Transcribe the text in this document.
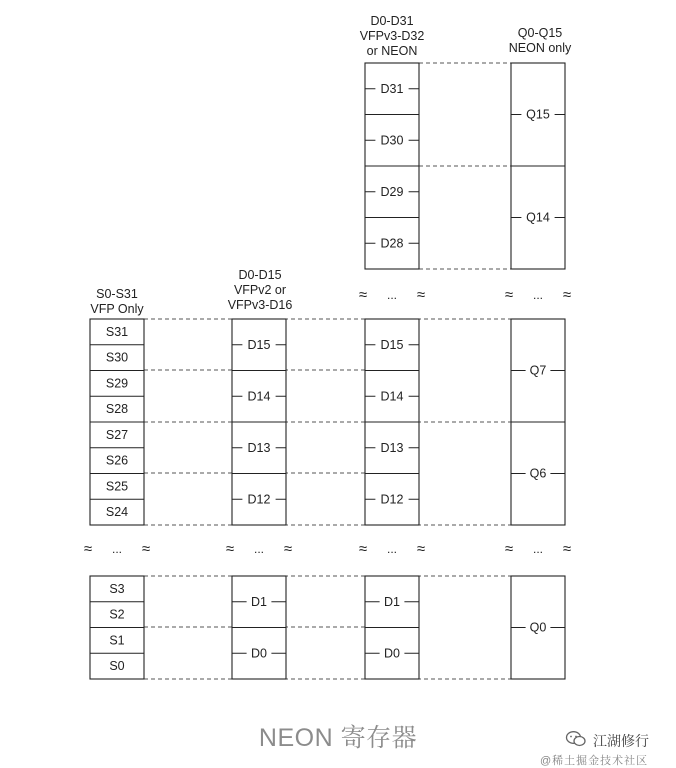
S31
S30
S29
S28
S27
S26
S25
S24
S3
S2
S1
S0
D15
D14
D13
D12
D1
D0
D31
D30
D29
D28
D15
D14
D13
D12
D1
D0
Q15
Q14
Q7
Q6
Q0
≈ ... ≈	≈ ... ≈
≈ ... ≈	≈ ... ≈	≈ ... ≈	≈ ... ≈
S0-S31
VFP Only
D0-D15
VFPv2 or
VFPv3-D16
D0-D31
VFPv3-D32
or NEON
Q0-Q15
NEON only
NEON 寄存器	江湖修行
@稀土掘金技术社区
